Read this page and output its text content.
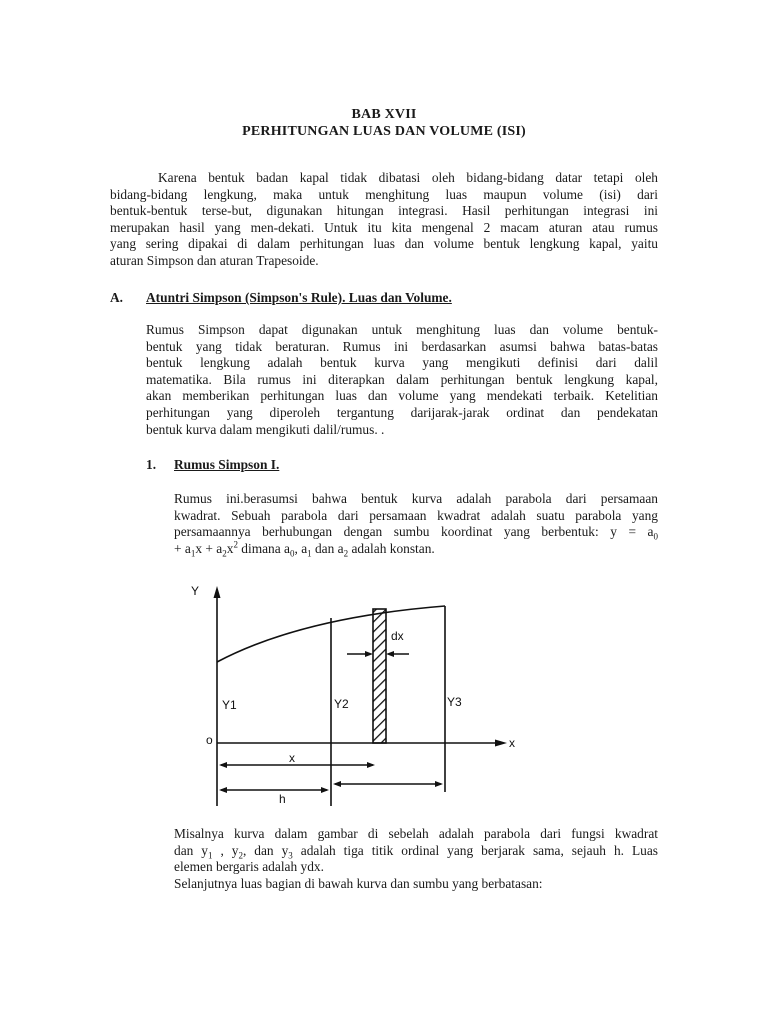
BAB XVII
PERHITUNGAN LUAS DAN VOLUME (ISI)
Karena bentuk badan kapal tidak dibatasi oleh bidang-bidang datar tetapi oleh
bidang-bidang lengkung, maka untuk menghitung luas maupun volume (isi) dari
bentuk-bentuk terse-but, digunakan hitungan integrasi. Hasil perhitungan integrasi ini
merupakan hasil yang men-dekati. Untuk itu kita mengenal 2 macam aturan atau rumus
yang sering dipakai di dalam perhitungan luas dan volume bentuk lengkung kapal, yaitu
aturan Simpson dan aturan Trapesoide.
A. Atuntri Simpson (Simpson's Rule). Luas dan Volume.
Rumus Simpson dapat digunakan untuk menghitung luas dan volume bentuk-
bentuk yang tidak beraturan. Rumus ini berdasarkan asumsi bahwa batas-batas
bentuk lengkung adalah bentuk kurva yang mengikuti definisi dari dalil
matematika. Bila rumus ini diterapkan dalam perhitungan bentuk lengkung kapal,
akan memberikan perhitungan luas dan volume yang mendekati terbaik. Ketelitian
perhitungan yang diperoleh tergantung darijarak-jarak ordinat dan pendekatan
bentuk kurva dalam mengikuti dalil/rumus. .
1. Rumus Simpson I.
Rumus ini.berasumsi bahwa bentuk kurva adalah parabola dari persamaan
kwadrat. Sebuah parabola dari persamaan kwadrat adalah suatu parabola yang
persamaannya berhubungan dengan sumbu koordinat yang berbentuk: $y = a_0$
+ $a_1x + a_2x^2$ dimana $a_0$, $a_1$ dan $a_2$ adalah konstan.
Y
x
o
Y1	Y2	Y3
dx
x
h
Misalnya kurva dalam gambar di sebelah adalah parabola dari fungsi kwadrat
dan $y_1$ , $y_2$, dan $y_3$ adalah tiga titik ordinal yang berjarak sama, sejauh h. Luas
elemen bergaris adalah ydx.
Selanjutnya luas bagian di bawah kurva dan sumbu yang berbatasan:
